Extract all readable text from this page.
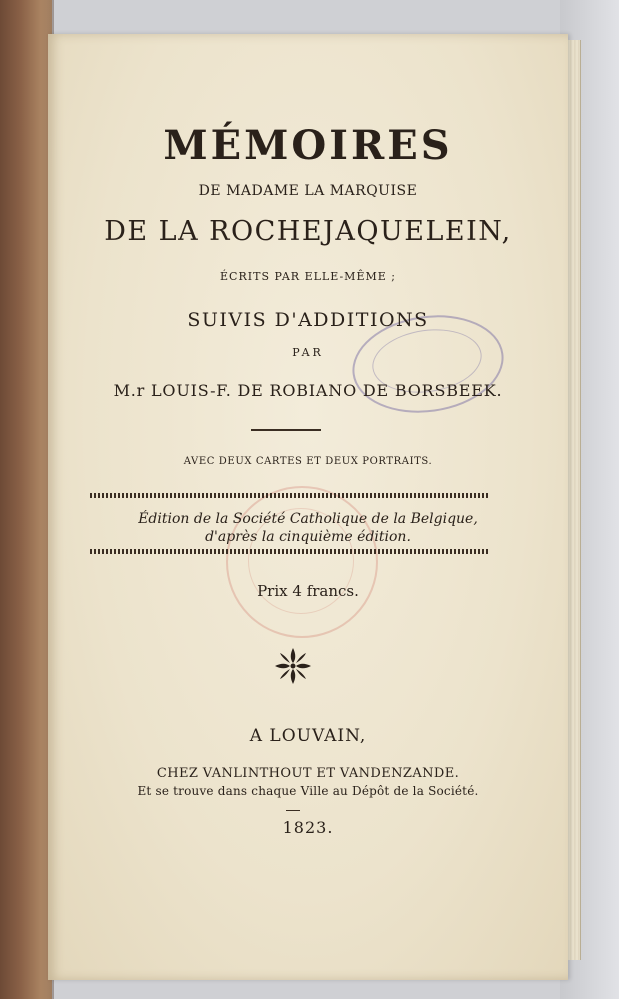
MÉMOIRES
DE MADAME LA MARQUISE
DE LA ROCHEJAQUELEIN,
ÉCRITS PAR ELLE-MÊME ;
SUIVIS D'ADDITIONS
PAR
M.r LOUIS-F. DE ROBIANO DE BORSBEEK.
AVEC DEUX CARTES ET DEUX PORTRAITS.
Édition de la Société Catholique de la Belgique,
d'après la cinquième édition.
Prix 4 francs.
A LOUVAIN,
CHEZ VANLINTHOUT ET VANDENZANDE.
Et se trouve dans chaque Ville au Dépôt de la Société.
1823.
